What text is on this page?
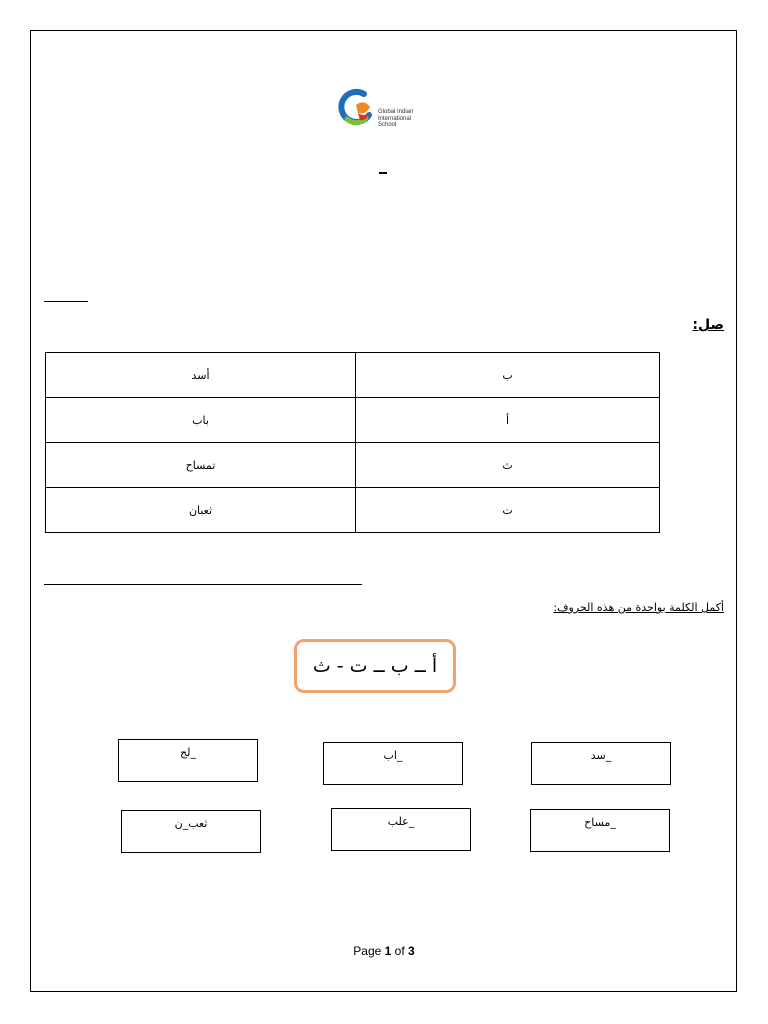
Global Indian
International
School
صل:
أسد	ب
باب	أ
تمساح	ث
ثعبان	ت
أكمل الكلمة بواحدة من هذه الحروف:
أ ــ ب ــ ت - ث
_سد
_اب
_لج
_مساح
_علب
ثعب_ن
Page 1 of 3
